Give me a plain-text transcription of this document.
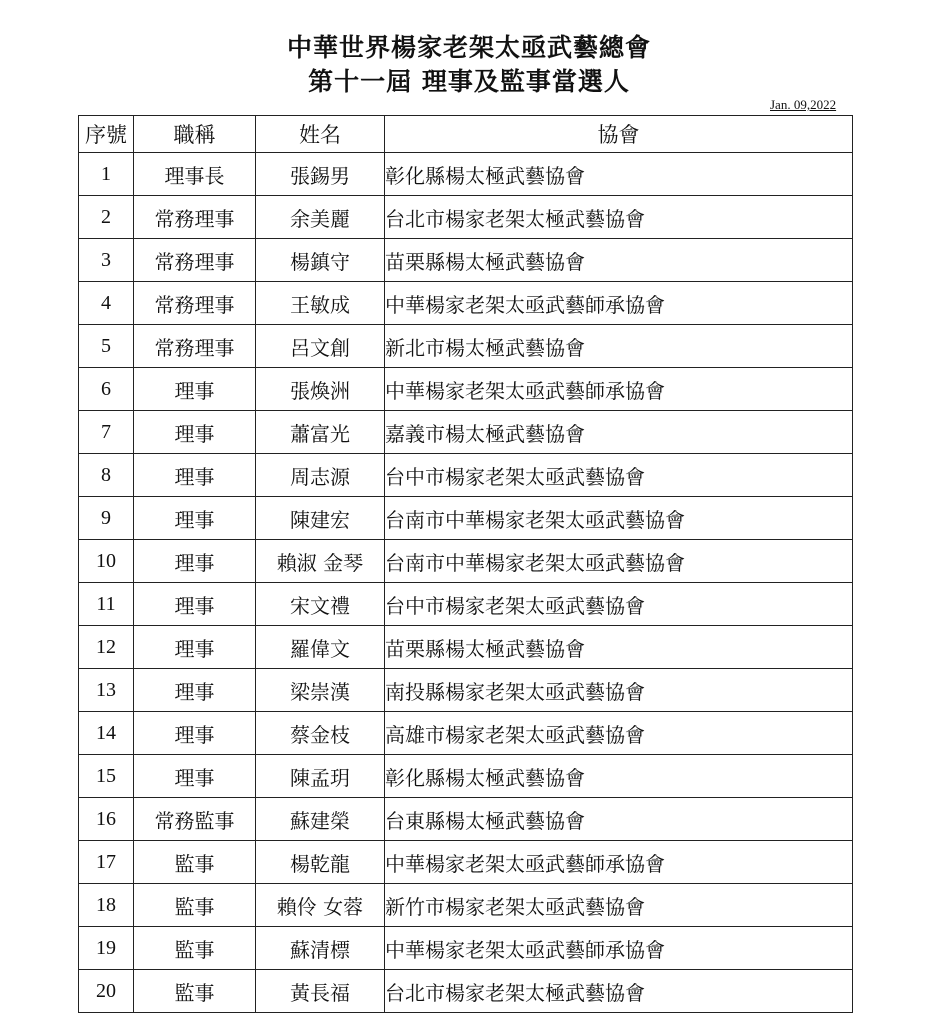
中華世界楊家老架太亟武藝總會
第十一屆 理事及監事當選人
Jan. 09,2022
序號	職稱	姓名	協會
1	理事長	張錫男	彰化縣楊太極武藝協會
2	常務理事	余美麗	台北市楊家老架太極武藝協會
3	常務理事	楊鎮守	苗栗縣楊太極武藝協會
4	常務理事	王敏成	中華楊家老架太亟武藝師承協會
5	常務理事	呂文創	新北市楊太極武藝協會
6	理事	張煥洲	中華楊家老架太亟武藝師承協會
7	理事	蕭富光	嘉義市楊太極武藝協會
8	理事	周志源	台中市楊家老架太亟武藝協會
9	理事	陳建宏	台南市中華楊家老架太亟武藝協會
10	理事	賴淑 金琴	台南市中華楊家老架太亟武藝協會
11	理事	宋文禮	台中市楊家老架太亟武藝協會
12	理事	羅偉文	苗栗縣楊太極武藝協會
13	理事	梁崇漢	南投縣楊家老架太亟武藝協會
14	理事	蔡金枝	高雄市楊家老架太亟武藝協會
15	理事	陳孟玥	彰化縣楊太極武藝協會
16	常務監事	蘇建榮	台東縣楊太極武藝協會
17	監事	楊乾龍	中華楊家老架太亟武藝師承協會
18	監事	賴伶 女蓉	新竹市楊家老架太亟武藝協會
19	監事	蘇清標	中華楊家老架太亟武藝師承協會
20	監事	黃長福	台北市楊家老架太極武藝協會
